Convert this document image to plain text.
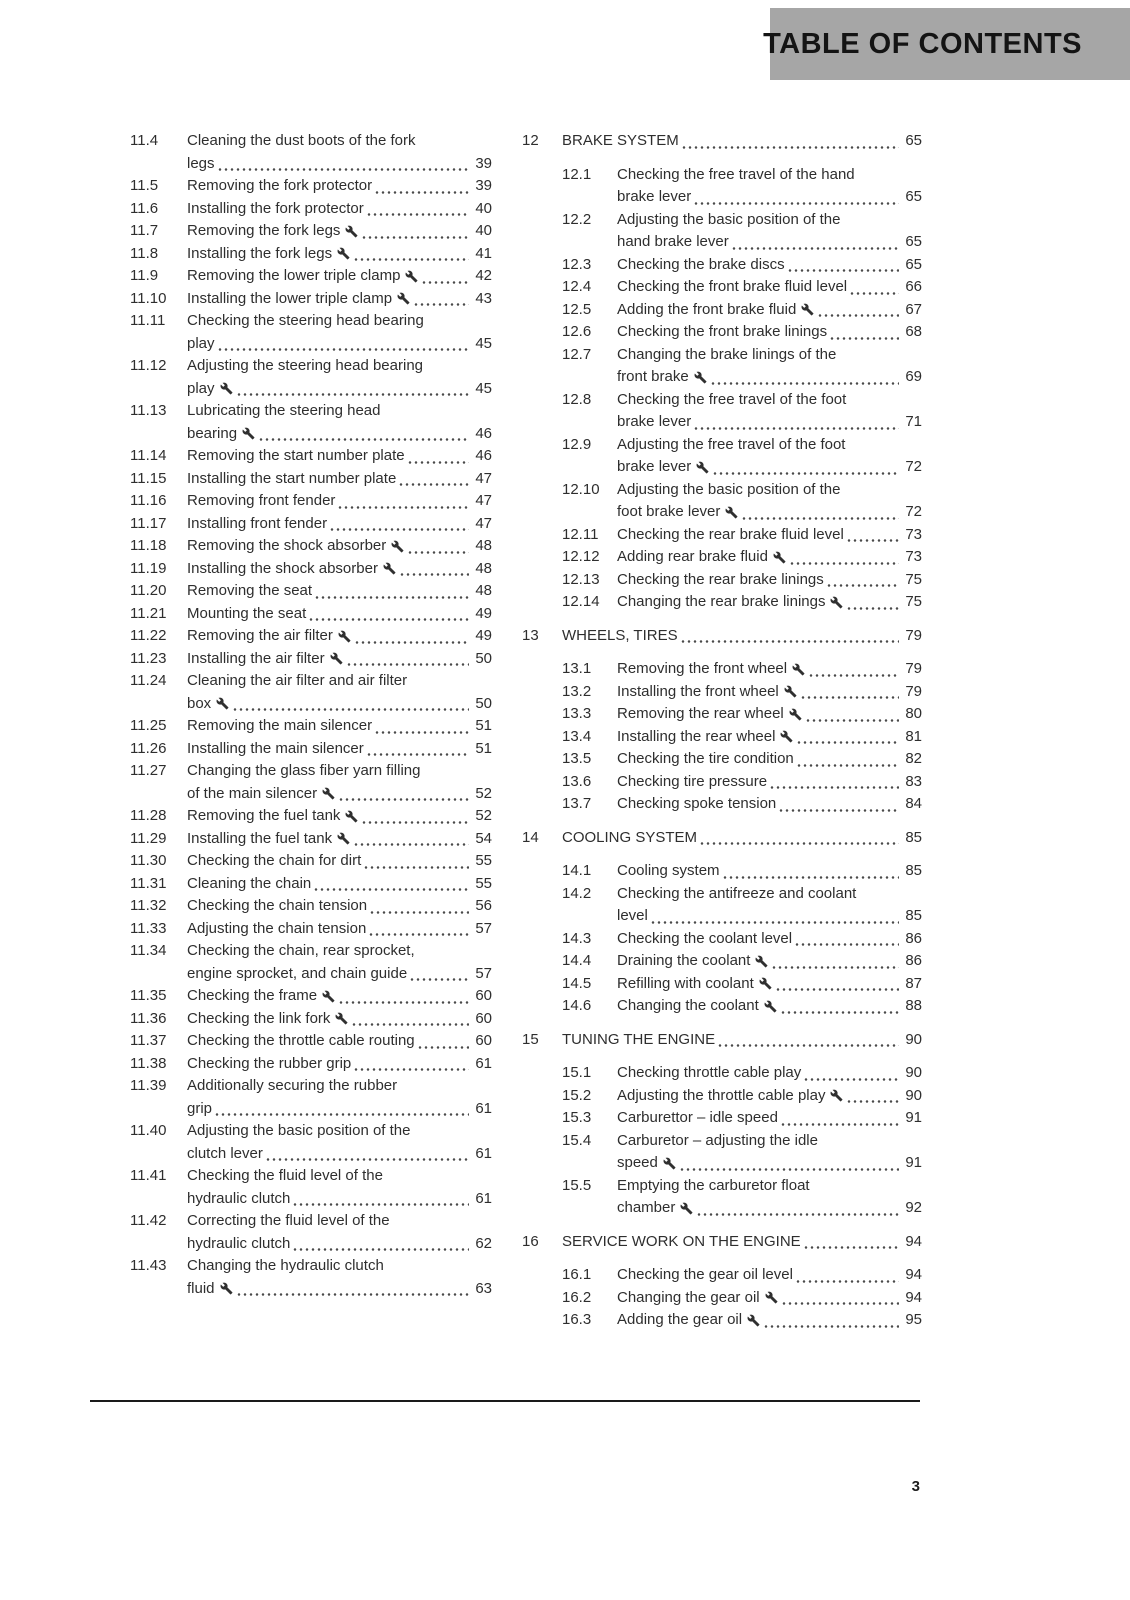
TABLE OF CONTENTS
11.4	Cleaning the dust boots of the fork
legs	39
11.5	Removing the fork protector	39
11.6	Installing the fork protector	40
11.7	Removing the fork legs	40
11.8	Installing the fork legs	41
11.9	Removing the lower triple clamp	42
11.10	Installing the lower triple clamp	43
11.11	Checking the steering head bearing
play	45
11.12	Adjusting the steering head bearing
play	45
11.13	Lubricating the steering head
bearing	46
11.14	Removing the start number plate	46
11.15	Installing the start number plate	47
11.16	Removing front fender	47
11.17	Installing front fender	47
11.18	Removing the shock absorber	48
11.19	Installing the shock absorber	48
11.20	Removing the seat	48
11.21	Mounting the seat	49
11.22	Removing the air filter	49
11.23	Installing the air filter	50
11.24	Cleaning the air filter and air filter
box	50
11.25	Removing the main silencer	51
11.26	Installing the main silencer	51
11.27	Changing the glass fiber yarn filling
of the main silencer	52
11.28	Removing the fuel tank	52
11.29	Installing the fuel tank	54
11.30	Checking the chain for dirt	55
11.31	Cleaning the chain	55
11.32	Checking the chain tension	56
11.33	Adjusting the chain tension	57
11.34	Checking the chain, rear sprocket,
engine sprocket, and chain guide	57
11.35	Checking the frame	60
11.36	Checking the link fork	60
11.37	Checking the throttle cable routing	60
11.38	Checking the rubber grip	61
11.39	Additionally securing the rubber
grip	61
11.40	Adjusting the basic position of the
clutch lever	61
11.41	Checking the fluid level of the
hydraulic clutch	61
11.42	Correcting the fluid level of the
hydraulic clutch	62
11.43	Changing the hydraulic clutch
fluid	63
12	BRAKE SYSTEM	65
12.1	Checking the free travel of the hand
brake lever	65
12.2	Adjusting the basic position of the
hand brake lever	65
12.3	Checking the brake discs	65
12.4	Checking the front brake fluid level	66
12.5	Adding the front brake fluid	67
12.6	Checking the front brake linings	68
12.7	Changing the brake linings of the
front brake	69
12.8	Checking the free travel of the foot
brake lever	71
12.9	Adjusting the free travel of the foot
brake lever	72
12.10	Adjusting the basic position of the
foot brake lever	72
12.11	Checking the rear brake fluid level	73
12.12	Adding rear brake fluid	73
12.13	Checking the rear brake linings	75
12.14	Changing the rear brake linings	75
13	WHEELS, TIRES	79
13.1	Removing the front wheel	79
13.2	Installing the front wheel	79
13.3	Removing the rear wheel	80
13.4	Installing the rear wheel	81
13.5	Checking the tire condition	82
13.6	Checking tire pressure	83
13.7	Checking spoke tension	84
14	COOLING SYSTEM	85
14.1	Cooling system	85
14.2	Checking the antifreeze and coolant
level	85
14.3	Checking the coolant level	86
14.4	Draining the coolant	86
14.5	Refilling with coolant	87
14.6	Changing the coolant	88
15	TUNING THE ENGINE	90
15.1	Checking throttle cable play	90
15.2	Adjusting the throttle cable play	90
15.3	Carburettor – idle speed	91
15.4	Carburetor – adjusting the idle
speed	91
15.5	Emptying the carburetor float
chamber	92
16	SERVICE WORK ON THE ENGINE	94
16.1	Checking the gear oil level	94
16.2	Changing the gear oil	94
16.3	Adding the gear oil	95
3
